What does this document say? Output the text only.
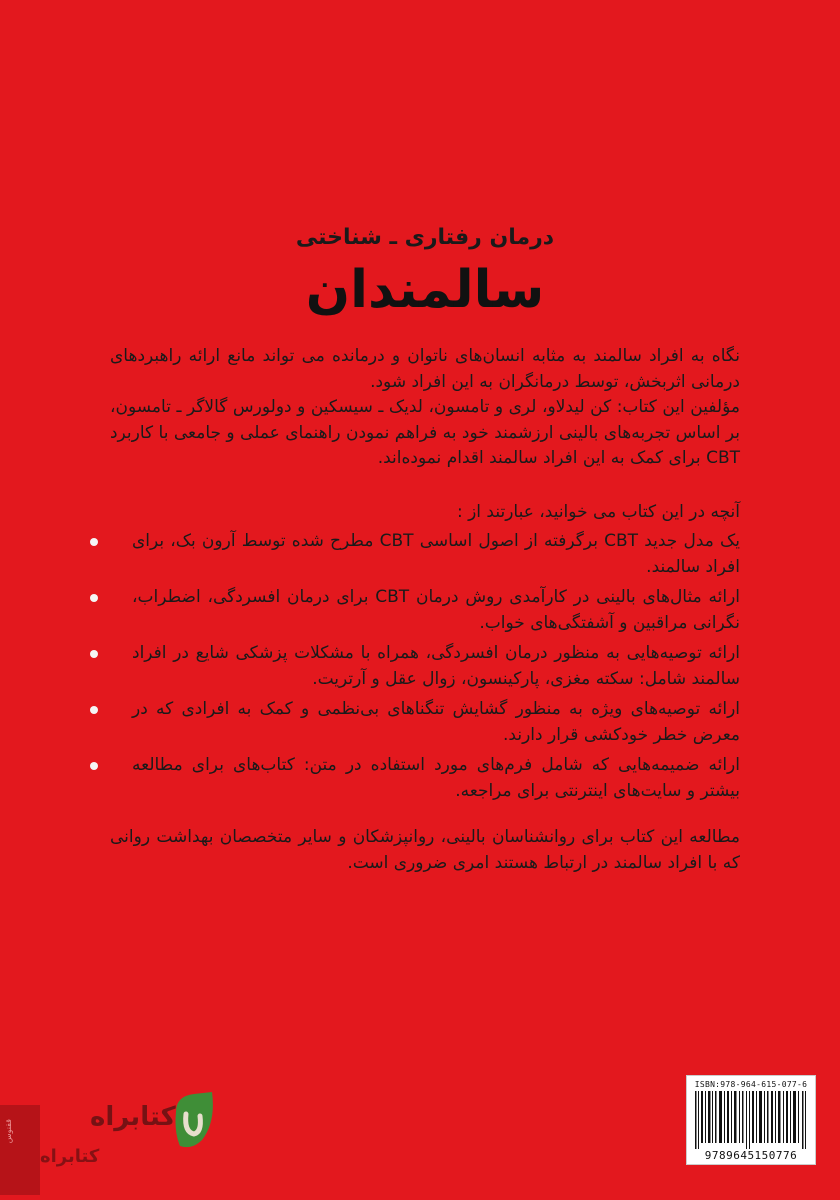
درمان رفتاری ـ شناختی
سالمندان

نگاه به افراد سالمند به مثابه انسان‌های ناتوان و درمانده می تواند مانع ارائه راهبردهای درمانی اثربخش، توسط درمانگران به این افراد شود.

مؤلفین این کتاب: کن لیدلاو، لری و تامسون، لدیک ـ سیسکین و دولورس گالاگر ـ تامسون، بر اساس تجربه‌های بالینی ارزشمند خود به فراهم نمودن راهنمای عملی و جامعی با کاربرد CBT برای کمک به این افراد سالمند اقدام نموده‌اند.

آنچه در این کتاب می خوانید، عبارتند از :
یک مدل جدید CBT برگرفته از اصول اساسی CBT مطرح شده توسط آرون بک، برای افراد سالمند.
ارائه مثال‌های بالینی در کارآمدی روش درمان CBT برای درمان افسردگی، اضطراب، نگرانی مراقبین و آشفتگی‌های خواب.
ارائه توصیه‌هایی به منظور درمان افسردگی، همراه با مشکلات پزشکی شایع در افراد سالمند شامل: سکته مغزی، پارکینسون، زوال عقل و آرتریت.
ارائه توصیه‌های ویژه به منظور گشایش تنگناهای بی‌نظمی و کمک به افرادی که در معرض خطر خودکشی قرار دارند.
ارائه ضمیمه‌هایی که شامل فرم‌های مورد استفاده در متن: کتاب‌های برای مطالعه بیشتر و سایت‌های اینترنتی برای مراجعه.
مطالعه این کتاب برای روانشناسان بالینی، روانپزشکان و سایر متخصصان بهداشت روانی که با افراد سالمند در ارتباط هستند امری ضروری است.
ISBN:978-964-615-077-6
9789645150776
ققنوس	کتابراه
کتابراه
